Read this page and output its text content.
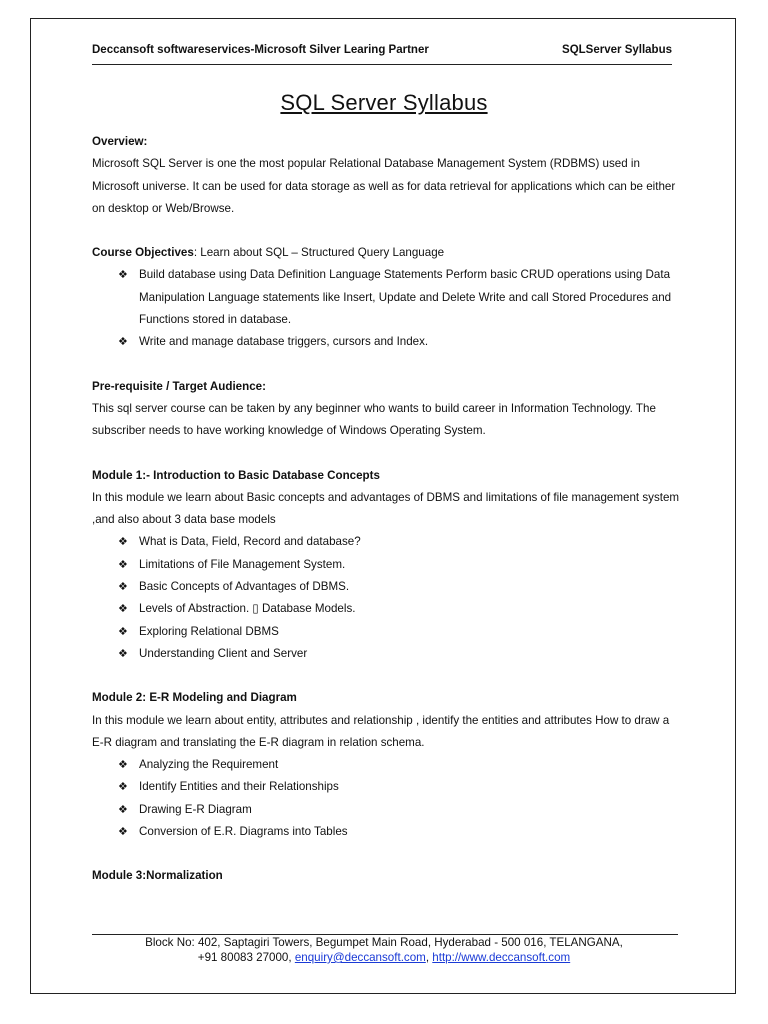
Deccansoft softwareservices-Microsoft Silver Learing Partner	SQLServer Syllabus
SQL Server Syllabus

Overview:

Microsoft SQL Server is one the most popular Relational Database Management System (RDBMS) used in Microsoft universe. It can be used for data storage as well as for data retrieval for applications which can be either on desktop or Web/Browse.

Course Objectives: Learn about SQL – Structured Query Language

❖ Build database using Data Definition Language Statements Perform basic CRUD operations using Data Manipulation Language statements like Insert, Update and Delete Write and call Stored Procedures and Functions stored in database.
❖ Write and manage database triggers, cursors and Index.

Pre-requisite / Target Audience:

This sql server course can be taken by any beginner who wants to build career in Information Technology. The subscriber needs to have working knowledge of Windows Operating System.

Module 1:- Introduction to Basic Database Concepts

In this module we learn about Basic concepts and advantages of DBMS and limitations of file management system ,and also about 3 data base models

❖ What is Data, Field, Record and database?
❖ Limitations of File Management System.
❖ Basic Concepts of Advantages of DBMS.
❖ Levels of Abstraction. ▯ Database Models.
❖ Exploring Relational DBMS
❖ Understanding Client and Server

Module 2: E-R Modeling and Diagram

In this module we learn about entity, attributes and relationship , identify the entities and attributes How to draw a E-R diagram and translating the E-R diagram in relation schema.

❖ Analyzing the Requirement
❖ Identify Entities and their Relationships
❖ Drawing E-R Diagram
❖ Conversion of E.R. Diagrams into Tables

Module 3:Normalization

Block No: 402, Saptagiri Towers, Begumpet Main Road, Hyderabad - 500 016, TELANGANA,
+91 80083 27000, enquiry@deccansoft.com, http://www.deccansoft.com
